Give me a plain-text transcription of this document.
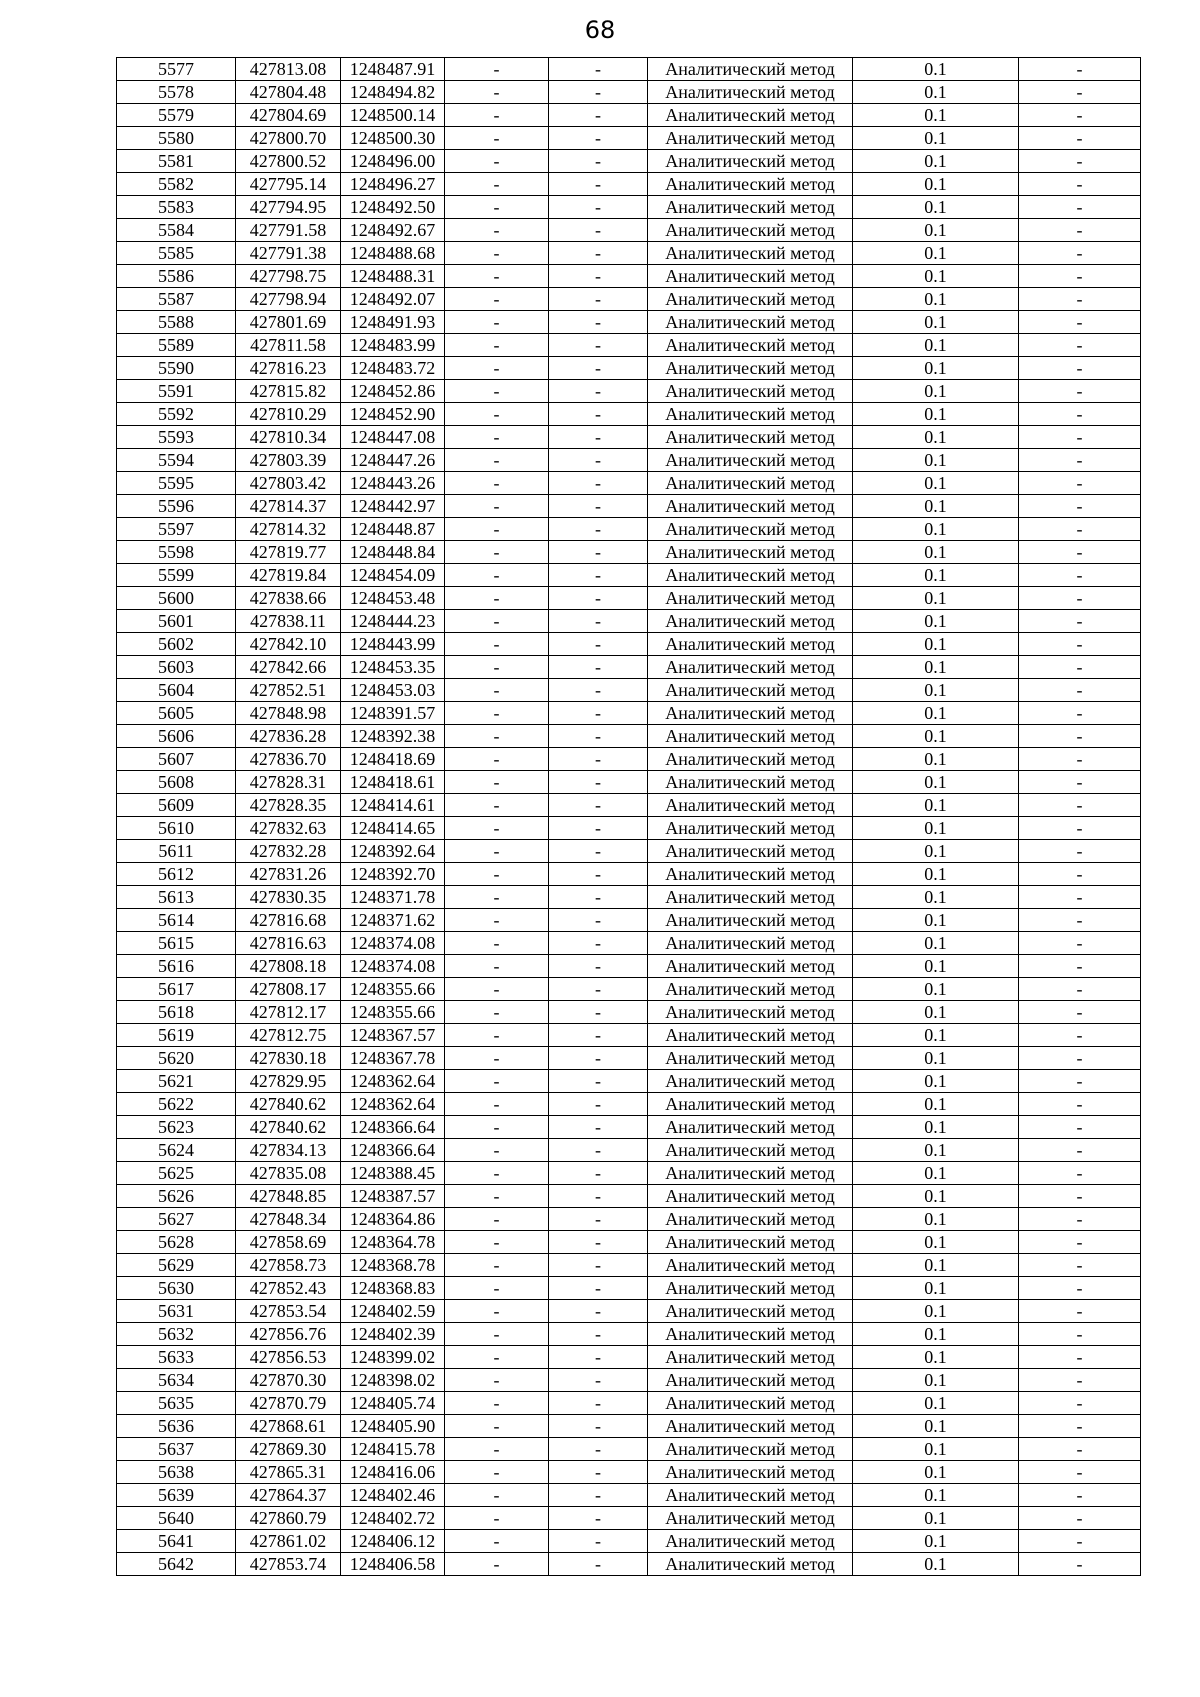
68
5577	427813.08	1248487.91	-	-	Аналитический метод	0.1	-
5578	427804.48	1248494.82	-	-	Аналитический метод	0.1	-
5579	427804.69	1248500.14	-	-	Аналитический метод	0.1	-
5580	427800.70	1248500.30	-	-	Аналитический метод	0.1	-
5581	427800.52	1248496.00	-	-	Аналитический метод	0.1	-
5582	427795.14	1248496.27	-	-	Аналитический метод	0.1	-
5583	427794.95	1248492.50	-	-	Аналитический метод	0.1	-
5584	427791.58	1248492.67	-	-	Аналитический метод	0.1	-
5585	427791.38	1248488.68	-	-	Аналитический метод	0.1	-
5586	427798.75	1248488.31	-	-	Аналитический метод	0.1	-
5587	427798.94	1248492.07	-	-	Аналитический метод	0.1	-
5588	427801.69	1248491.93	-	-	Аналитический метод	0.1	-
5589	427811.58	1248483.99	-	-	Аналитический метод	0.1	-
5590	427816.23	1248483.72	-	-	Аналитический метод	0.1	-
5591	427815.82	1248452.86	-	-	Аналитический метод	0.1	-
5592	427810.29	1248452.90	-	-	Аналитический метод	0.1	-
5593	427810.34	1248447.08	-	-	Аналитический метод	0.1	-
5594	427803.39	1248447.26	-	-	Аналитический метод	0.1	-
5595	427803.42	1248443.26	-	-	Аналитический метод	0.1	-
5596	427814.37	1248442.97	-	-	Аналитический метод	0.1	-
5597	427814.32	1248448.87	-	-	Аналитический метод	0.1	-
5598	427819.77	1248448.84	-	-	Аналитический метод	0.1	-
5599	427819.84	1248454.09	-	-	Аналитический метод	0.1	-
5600	427838.66	1248453.48	-	-	Аналитический метод	0.1	-
5601	427838.11	1248444.23	-	-	Аналитический метод	0.1	-
5602	427842.10	1248443.99	-	-	Аналитический метод	0.1	-
5603	427842.66	1248453.35	-	-	Аналитический метод	0.1	-
5604	427852.51	1248453.03	-	-	Аналитический метод	0.1	-
5605	427848.98	1248391.57	-	-	Аналитический метод	0.1	-
5606	427836.28	1248392.38	-	-	Аналитический метод	0.1	-
5607	427836.70	1248418.69	-	-	Аналитический метод	0.1	-
5608	427828.31	1248418.61	-	-	Аналитический метод	0.1	-
5609	427828.35	1248414.61	-	-	Аналитический метод	0.1	-
5610	427832.63	1248414.65	-	-	Аналитический метод	0.1	-
5611	427832.28	1248392.64	-	-	Аналитический метод	0.1	-
5612	427831.26	1248392.70	-	-	Аналитический метод	0.1	-
5613	427830.35	1248371.78	-	-	Аналитический метод	0.1	-
5614	427816.68	1248371.62	-	-	Аналитический метод	0.1	-
5615	427816.63	1248374.08	-	-	Аналитический метод	0.1	-
5616	427808.18	1248374.08	-	-	Аналитический метод	0.1	-
5617	427808.17	1248355.66	-	-	Аналитический метод	0.1	-
5618	427812.17	1248355.66	-	-	Аналитический метод	0.1	-
5619	427812.75	1248367.57	-	-	Аналитический метод	0.1	-
5620	427830.18	1248367.78	-	-	Аналитический метод	0.1	-
5621	427829.95	1248362.64	-	-	Аналитический метод	0.1	-
5622	427840.62	1248362.64	-	-	Аналитический метод	0.1	-
5623	427840.62	1248366.64	-	-	Аналитический метод	0.1	-
5624	427834.13	1248366.64	-	-	Аналитический метод	0.1	-
5625	427835.08	1248388.45	-	-	Аналитический метод	0.1	-
5626	427848.85	1248387.57	-	-	Аналитический метод	0.1	-
5627	427848.34	1248364.86	-	-	Аналитический метод	0.1	-
5628	427858.69	1248364.78	-	-	Аналитический метод	0.1	-
5629	427858.73	1248368.78	-	-	Аналитический метод	0.1	-
5630	427852.43	1248368.83	-	-	Аналитический метод	0.1	-
5631	427853.54	1248402.59	-	-	Аналитический метод	0.1	-
5632	427856.76	1248402.39	-	-	Аналитический метод	0.1	-
5633	427856.53	1248399.02	-	-	Аналитический метод	0.1	-
5634	427870.30	1248398.02	-	-	Аналитический метод	0.1	-
5635	427870.79	1248405.74	-	-	Аналитический метод	0.1	-
5636	427868.61	1248405.90	-	-	Аналитический метод	0.1	-
5637	427869.30	1248415.78	-	-	Аналитический метод	0.1	-
5638	427865.31	1248416.06	-	-	Аналитический метод	0.1	-
5639	427864.37	1248402.46	-	-	Аналитический метод	0.1	-
5640	427860.79	1248402.72	-	-	Аналитический метод	0.1	-
5641	427861.02	1248406.12	-	-	Аналитический метод	0.1	-
5642	427853.74	1248406.58	-	-	Аналитический метод	0.1	-
